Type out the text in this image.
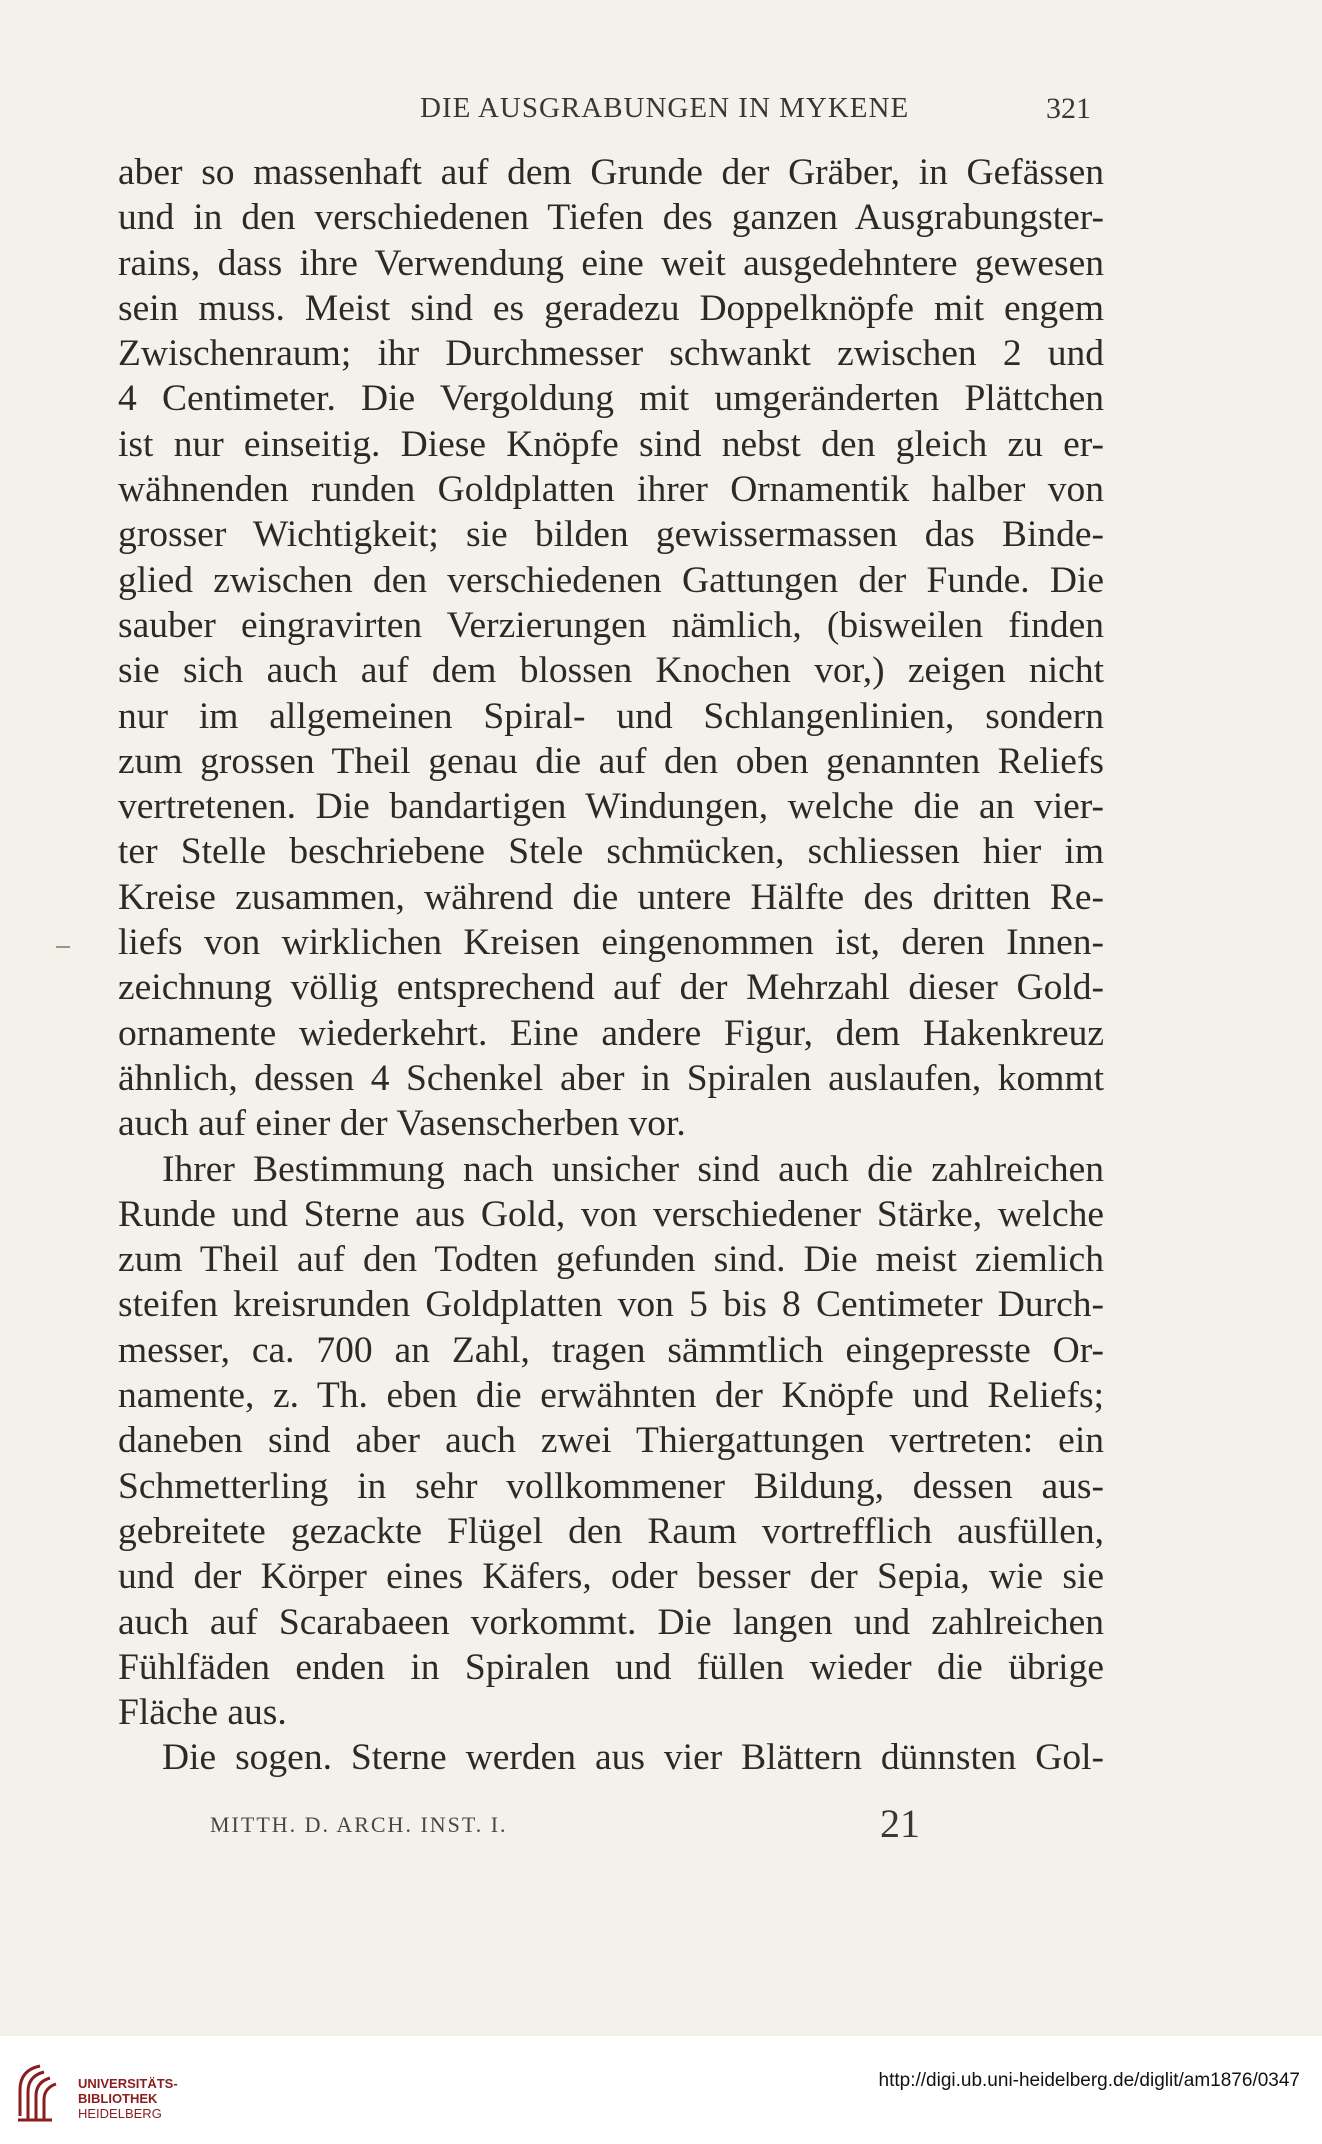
DIE AUSGRABUNGEN IN MYKENE	321
aber so massenhaft auf dem Grunde der Gräber, in Gefässen
und in den verschiedenen Tiefen des ganzen Ausgrabungster-
rains, dass ihre Verwendung eine weit ausgedehntere gewesen
sein muss. Meist sind es geradezu Doppelknöpfe mit engem
Zwischenraum; ihr Durchmesser schwankt zwischen 2 und
4 Centimeter. Die Vergoldung mit umgeränderten Plättchen
ist nur einseitig. Diese Knöpfe sind nebst den gleich zu er-
wähnenden runden Goldplatten ihrer Ornamentik halber von
grosser Wichtigkeit; sie bilden gewissermassen das Binde-
glied zwischen den verschiedenen Gattungen der Funde. Die
sauber eingravirten Verzierungen nämlich, (bisweilen finden
sie sich auch auf dem blossen Knochen vor,) zeigen nicht
nur im allgemeinen Spiral- und Schlangenlinien, sondern
zum grossen Theil genau die auf den oben genannten Reliefs
vertretenen. Die bandartigen Windungen, welche die an vier-
ter Stelle beschriebene Stele schmücken, schliessen hier im
Kreise zusammen, während die untere Hälfte des dritten Re-
liefs von wirklichen Kreisen eingenommen ist, deren Innen-
zeichnung völlig entsprechend auf der Mehrzahl dieser Gold-
ornamente wiederkehrt. Eine andere Figur, dem Hakenkreuz
ähnlich, dessen 4 Schenkel aber in Spiralen auslaufen, kommt
auch auf einer der Vasenscherben vor.
Ihrer Bestimmung nach unsicher sind auch die zahlreichen
Runde und Sterne aus Gold, von verschiedener Stärke, welche
zum Theil auf den Todten gefunden sind. Die meist ziemlich
steifen kreisrunden Goldplatten von 5 bis 8 Centimeter Durch-
messer, ca. 700 an Zahl, tragen sämmtlich eingepresste Or-
namente, z. Th. eben die erwähnten der Knöpfe und Reliefs;
daneben sind aber auch zwei Thiergattungen vertreten: ein
Schmetterling in sehr vollkommener Bildung, dessen aus-
gebreitete gezackte Flügel den Raum vortrefflich ausfüllen,
und der Körper eines Käfers, oder besser der Sepia, wie sie
auch auf Scarabaeen vorkommt. Die langen und zahlreichen
Fühlfäden enden in Spiralen und füllen wieder die übrige
Fläche aus.
Die sogen. Sterne werden aus vier Blättern dünnsten Gol-
MITTH. D. ARCH. INST. I.	21
UNIVERSITÄTS-
BIBLIOTHEK
HEIDELBERG
http://digi.ub.uni-heidelberg.de/diglit/am1876/0347
